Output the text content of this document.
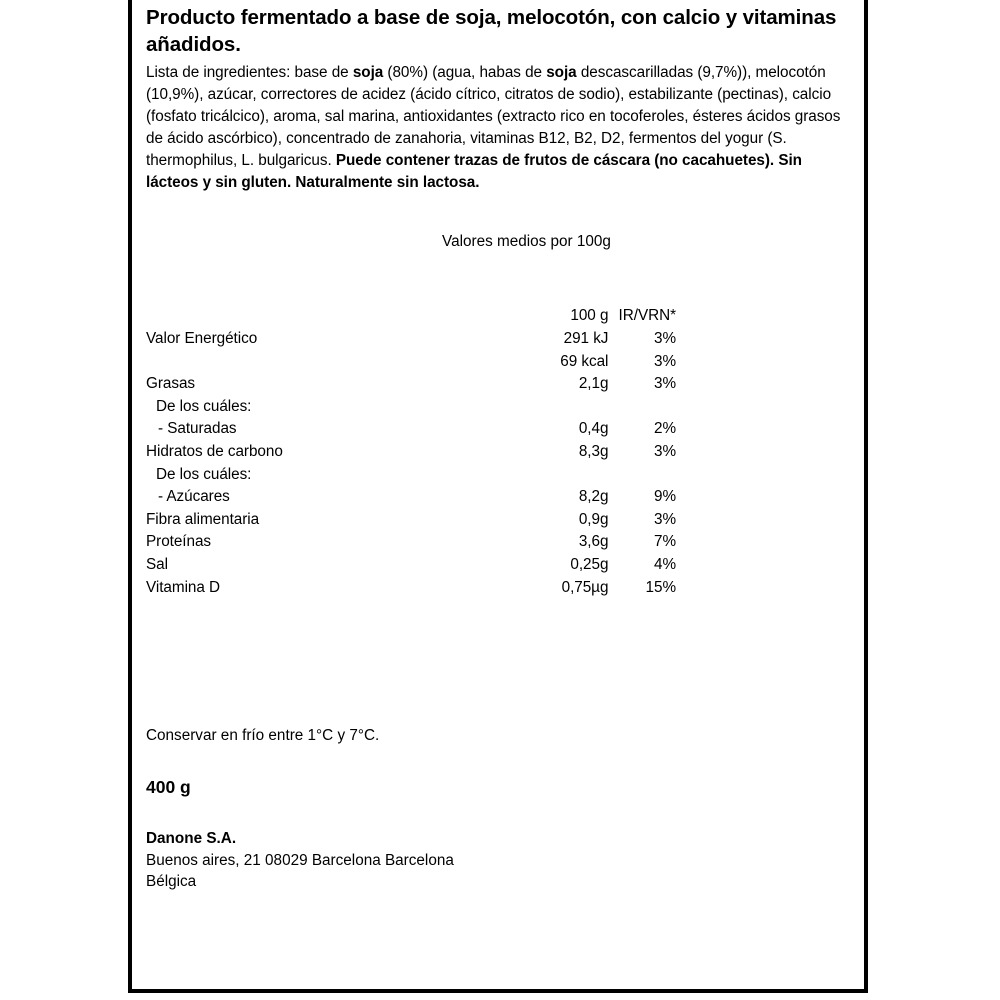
Producto fermentado a base de soja, melocotón, con calcio y vitaminas añadidos.
Lista de ingredientes: base de soja (80%) (agua, habas de soja descascarilladas (9,7%)), melocotón (10,9%), azúcar, correctores de acidez (ácido cítrico, citratos de sodio), estabilizante (pectinas), calcio (fosfato tricálcico), aroma, sal marina, antioxidantes (extracto rico en tocoferoles, ésteres ácidos grasos de ácido ascórbico), concentrado de zanahoria, vitaminas B12, B2, D2, fermentos del yogur (S. thermophilus, L. bulgaricus. Puede contener trazas de frutos de cáscara (no cacahuetes). Sin lácteos y sin gluten. Naturalmente sin lactosa.
Valores medios por 100g
	100 g	IR/VRN*
Valor Energético	291 kJ	3%
	69 kcal	3%
Grasas	2,1g	3%
De los cuáles:		
- Saturadas	0,4g	2%
Hidratos de carbono	8,3g	3%
De los cuáles:		
- Azúcares	8,2g	9%
Fibra alimentaria	0,9g	3%
Proteínas	3,6g	7%
Sal	0,25g	4%
Vitamina D	0,75µg	15%
Conservar en frío entre 1°C y 7°C.
400 g
Danone S.A.
Buenos aires, 21 08029 Barcelona Barcelona
Bélgica
